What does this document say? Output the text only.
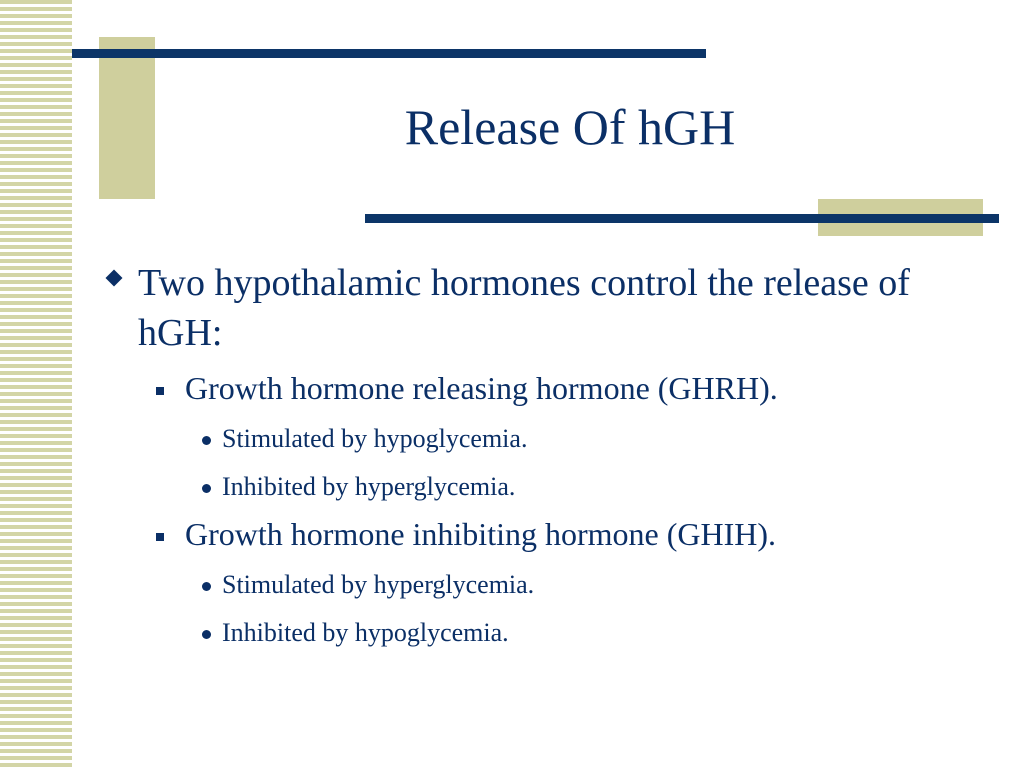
Release Of hGH
Two hypothalamic hormones control the release of hGH:
Growth hormone releasing hormone (GHRH).
Stimulated by hypoglycemia.
Inhibited by hyperglycemia.
Growth hormone inhibiting hormone (GHIH).
Stimulated by hyperglycemia.
Inhibited by hypoglycemia.
